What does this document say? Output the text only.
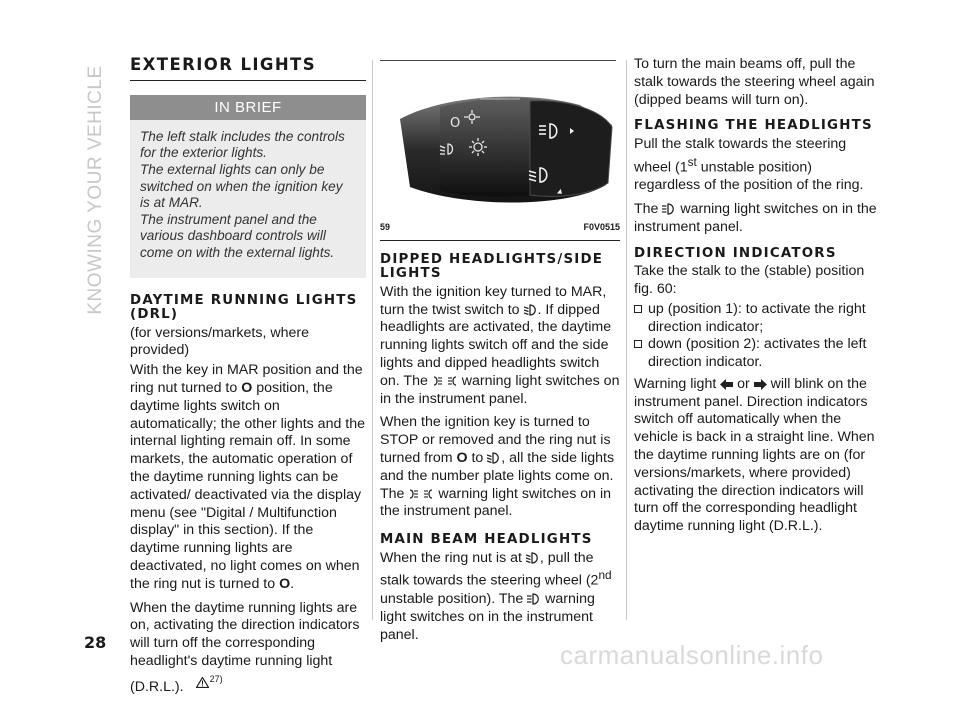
KNOWING YOUR VEHICLE
EXTERIOR LIGHTS
IN BRIEF

The left stalk includes the controls for the exterior lights.

The external lights can only be switched on when the ignition key is at MAR.

The instrument panel and the various dashboard controls will come on with the external lights.

DAYTIME RUNNING LIGHTS (DRL)

(for versions/markets, where provided)

With the key in MAR position and the ring nut turned to O position, the daytime lights switch on automatically; the other lights and the internal lighting remain off. In some markets, the automatic operation of the daytime running lights can be activated/ deactivated via the display menu (see "Digital / Multifunction display" in this section). If the daytime running lights are deactivated, no light comes on when the ring nut is turned to O.

When the daytime running lights are on, activating the direction indicators will turn off the corresponding headlight's daytime running light (D.R.L.).	27)

O
59	F0V0515
DIPPED HEADLIGHTS/SIDE LIGHTS

With the ignition key turned to MAR, turn the twist switch to . If dipped headlights are activated, the daytime running lights switch off and the side lights and dipped headlights switch on. The  warning light switches on in the instrument panel.

When the ignition key is turned to STOP or removed and the ring nut is turned from O to , all the side lights and the number plate lights come on. The  warning light switches on in the instrument panel.

MAIN BEAM HEADLIGHTS

When the ring nut is at , pull the stalk towards the steering wheel (2nd unstable position). The  warning light switches on in the instrument panel.

To turn the main beams off, pull the stalk towards the steering wheel again (dipped beams will turn on).

FLASHING THE HEADLIGHTS

Pull the stalk towards the steering wheel (1st unstable position) regardless of the position of the ring.

The  warning light switches on in the instrument panel.

DIRECTION INDICATORS

Take the stalk to the (stable) position fig. 60:

up (position 1): to activate the right direction indicator;
down (position 2): activates the left direction indicator.

Warning light  or  will blink on the instrument panel. Direction indicators switch off automatically when the vehicle is back in a straight line. When the daytime running lights are on (for versions/markets, where provided) activating the direction indicators will turn off the corresponding headlight daytime running light (D.R.L.).

28	carmanualsonline.info
